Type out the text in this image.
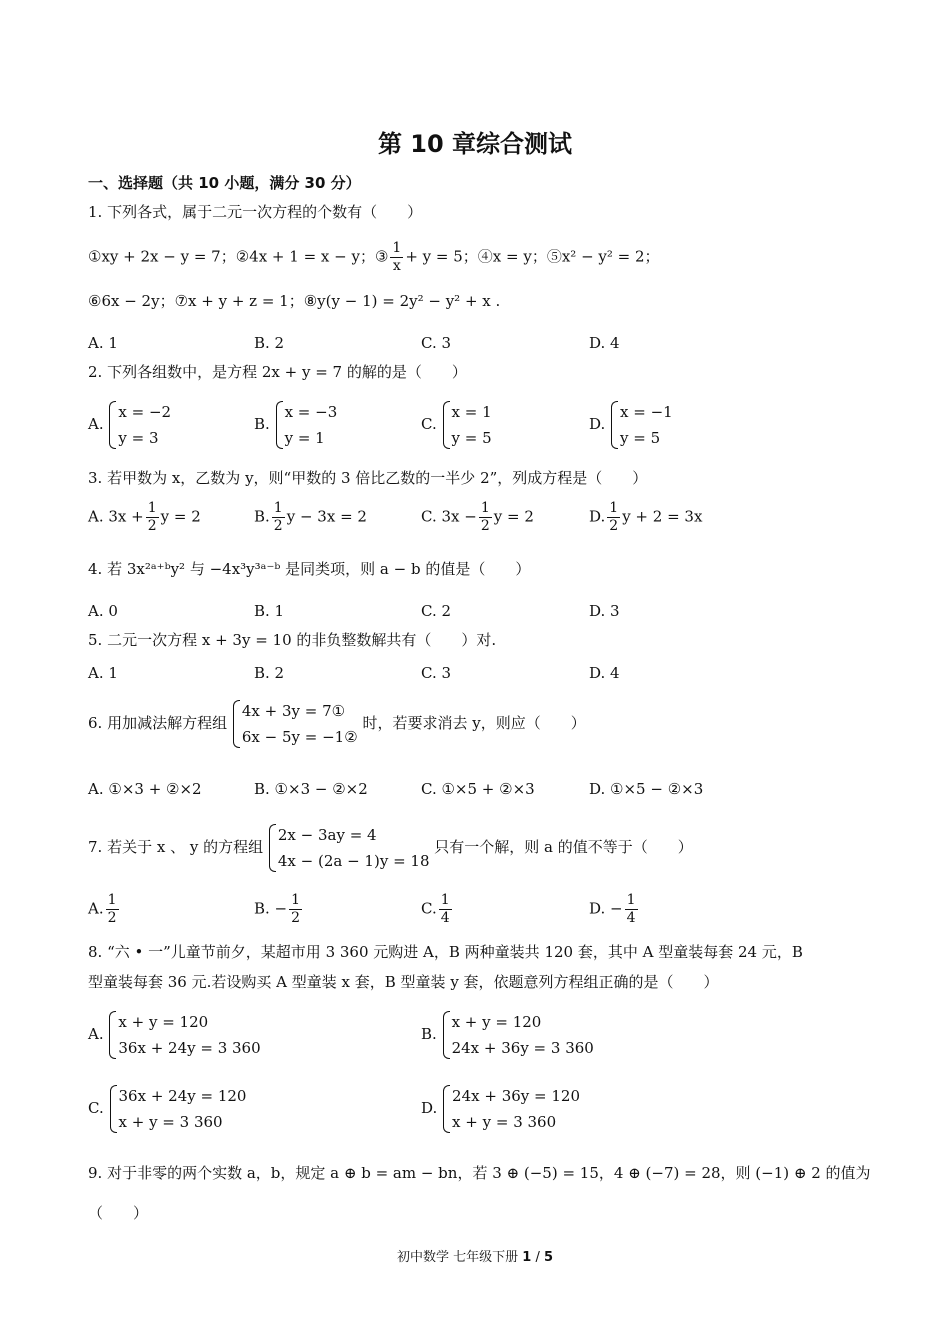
第 10 章综合测试
一、选择题（共 10 小题，满分 30 分）
1. 下列各式，属于二元一次方程的个数有（　　）
①xy + 2x − y = 7；②4x + 1 = x − y；③ $\frac{1}{x} + y = 5$；④x = y；⑤x² − y² = 2；
⑥6x − 2y；⑦x + y + z = 1；⑧y(y − 1) = 2y² − y² + x .
A. 1	B. 2	C. 3	D. 4
2. 下列各组数中，是方程 2x + y = 7 的解的是（　　）
A.
x = −2
y = 3
B.
x = −3
y = 1
C.
x = 1
y = 5
D.
x = −1
y = 5
3. 若甲数为 x，乙数为 y，则“甲数的 3 倍比乙数的一半少 2”，列成方程是（　　）
A. $3x + \frac{1}{2}$ y = 2	B. $\frac{1}{2}$ y − 3x = 2	C. $3x - \frac{1}{2}$ y = 2	D. $\frac{1}{2}$ y + 2 = 3x
4. 若 3x²ᵃ⁺ᵇy² 与 −4x³y³ᵃ⁻ᵇ 是同类项，则 a − b 的值是（　　）
A. 0	B. 1	C. 2	D. 3
5. 二元一次方程 x + 3y = 10 的非负整数解共有（　　）对.
A. 1	B. 2	C. 3	D. 4
6. 用加减法解方程组
4x + 3y = 7①
6x − 5y = −1②
时，若要求消去 y，则应（　　）
A. ①×3 + ②×2	B. ①×3 − ②×2	C. ①×5 + ②×3	D. ①×5 − ②×3
7. 若关于 x 、 y 的方程组
2x − 3ay = 4
4x − (2a − 1)y = 18
只有一个解，则 a 的值不等于（　　）
A. $\frac{1}{2}$	B. − $\frac{1}{2}$	C. $\frac{1}{4}$	D. − $\frac{1}{4}$
8. “六 • 一”儿童节前夕，某超市用 3 360 元购进 A，B 两种童装共 120 套，其中 A 型童装每套 24 元，B
型童装每套 36 元.若设购买 A 型童装 x 套，B 型童装 y 套，依题意列方程组正确的是（　　）
A.
x + y = 120
36x + 24y = 3 360
B.
x + y = 120
24x + 36y = 3 360
C.
36x + 24y = 120
x + y = 3 360
D.
24x + 36y = 120
x + y = 3 360
9. 对于非零的两个实数 a，b，规定 a ⊕ b = am − bn，若 3 ⊕ (−5) = 15，4 ⊕ (−7) = 28，则 (−1) ⊕ 2 的值为
（　　）
初中数学 七年级下册 1 / 5
